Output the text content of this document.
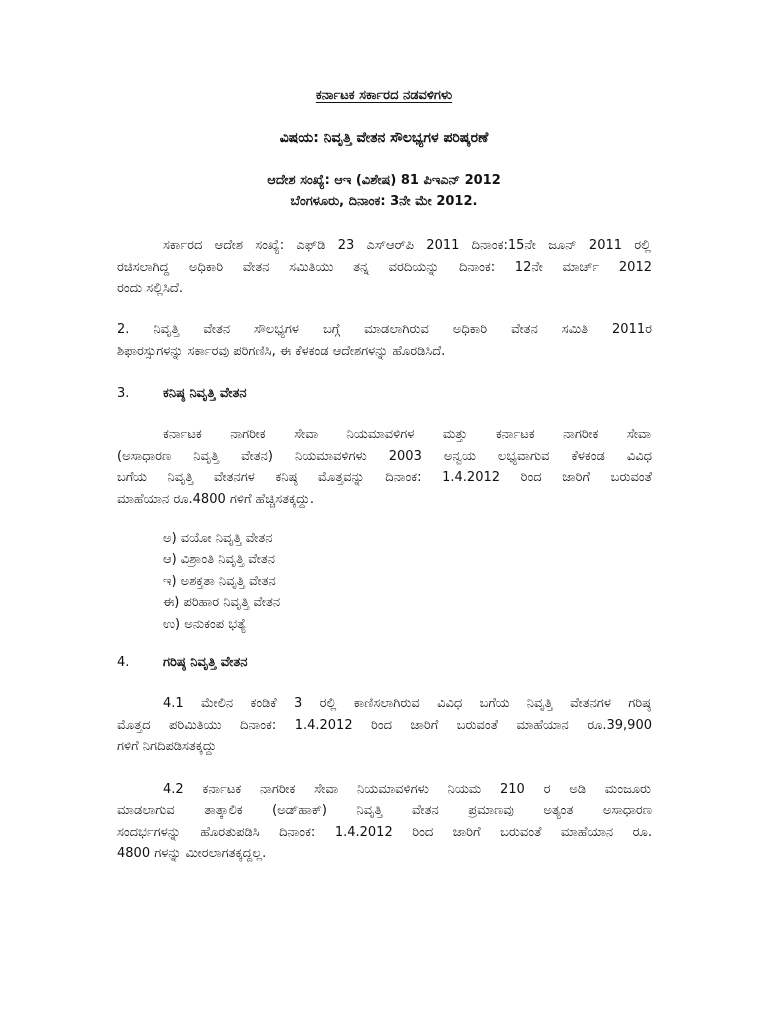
ಕರ್ನಾಟಕ ಸರ್ಕಾರದ ನಡವಳಿಗಳು
ವಿಷಯ: ನಿವೃತ್ತಿ ವೇತನ ಸೌಲಭ್ಯಗಳ ಪರಿಷ್ಕರಣೆ
ಆದೇಶ ಸಂಖ್ಯೆ: ಆಇ (ವಿಶೇಷ) 81 ಪಿಇಎನ್ 2012
ಬೆಂಗಳೂರು, ದಿನಾಂಕ: 3ನೇ ಮೇ 2012.
ಸರ್ಕಾರದ ಆದೇಶ ಸಂಖ್ಯೆ: ಎಫ್‌ಡಿ 23 ಎಸ್‌ಆರ್‌ಪಿ 2011 ದಿನಾಂಕ:15ನೇ ಜೂನ್ 2011 ರಲ್ಲಿ
ರಚಿಸಲಾಗಿದ್ದ ಅಧಿಕಾರಿ ವೇತನ ಸಮಿತಿಯು ತನ್ನ ವರದಿಯನ್ನು ದಿನಾಂಕ: 12ನೇ ಮಾರ್ಚ್ 2012
ರಂದು ಸಲ್ಲಿಸಿದೆ.
2. ನಿವೃತ್ತಿ ವೇತನ ಸೌಲಭ್ಯಗಳ ಬಗ್ಗೆ ಮಾಡಲಾಗಿರುವ ಅಧಿಕಾರಿ ವೇತನ ಸಮಿತಿ 2011ರ
ಶಿಫಾರಸ್ಸುಗಳನ್ನು ಸರ್ಕಾರವು ಪರಿಗಣಿಸಿ, ಈ ಕೆಳಕಂಡ ಆದೇಶಗಳನ್ನು ಹೊರಡಿಸಿದೆ.
3.	ಕನಿಷ್ಠ ನಿವೃತ್ತಿ ವೇತನ
ಕರ್ನಾಟಕ ನಾಗರೀಕ ಸೇವಾ ನಿಯಮಾವಳಿಗಳ ಮತ್ತು ಕರ್ನಾಟಕ ನಾಗರೀಕ ಸೇವಾ
(ಅಸಾಧಾರಣ ನಿವೃತ್ತಿ ವೇತನ) ನಿಯಮಾವಳಿಗಳು 2003 ಅನ್ವಯ ಲಭ್ಯವಾಗುವ ಕೆಳಕಂಡ ವಿವಿಧ
ಬಗೆಯ ನಿವೃತ್ತಿ ವೇತನಗಳ ಕನಿಷ್ಠ ಮೊತ್ತವನ್ನು ದಿನಾಂಕ: 1.4.2012 ರಿಂದ ಜಾರಿಗೆ ಬರುವಂತೆ
ಮಾಹೆಯಾನ ರೂ.4800 ಗಳಿಗೆ ಹೆಚ್ಚಿಸತಕ್ಕದ್ದು.
ಅ) ವಯೋ ನಿವೃತ್ತಿ ವೇತನ
ಆ) ವಿಶ್ರಾಂತಿ ನಿವೃತ್ತಿ ವೇತನ
ಇ) ಅಶಕ್ತತಾ ನಿವೃತ್ತಿ ವೇತನ
ಈ) ಪರಿಹಾರ ನಿವೃತ್ತಿ ವೇತನ
ಉ) ಅನುಕಂಪ ಭತ್ಯೆ
4.	ಗರಿಷ್ಠ ನಿವೃತ್ತಿ ವೇತನ
4.1 ಮೇಲಿನ ಕಂಡಿಕೆ 3 ರಲ್ಲಿ ಕಾಣಿಸಲಾಗಿರುವ ವಿವಿಧ ಬಗೆಯ ನಿವೃತ್ತಿ ವೇತನಗಳ ಗರಿಷ್ಠ
ಮೊತ್ತದ ಪರಿಮಿತಿಯು ದಿನಾಂಕ: 1.4.2012 ರಿಂದ ಜಾರಿಗೆ ಬರುವಂತೆ ಮಾಹೆಯಾನ ರೂ.39,900
ಗಳಿಗೆ ನಿಗದಿಪಡಿಸತಕ್ಕದ್ದು
4.2 ಕರ್ನಾಟಕ ನಾಗರೀಕ ಸೇವಾ ನಿಯಮಾವಳಿಗಳು ನಿಯಮ 210 ರ ಅಡಿ ಮಂಜೂರು
ಮಾಡಲಾಗುವ ತಾತ್ಕಾಲಿಕ (ಅಡ್‌ಹಾಕ್) ನಿವೃತ್ತಿ ವೇತನ ಪ್ರಮಾಣವು ಅತ್ಯಂತ ಅಸಾಧಾರಣ
ಸಂದರ್ಭಗಳನ್ನು ಹೊರತುಪಡಿಸಿ ದಿನಾಂಕ: 1.4.2012 ರಿಂದ ಜಾರಿಗೆ ಬರುವಂತೆ ಮಾಹೆಯಾನ ರೂ.
4800 ಗಳನ್ನು ಮೀರಲಾಗತಕ್ಕದ್ದಲ್ಲ.
